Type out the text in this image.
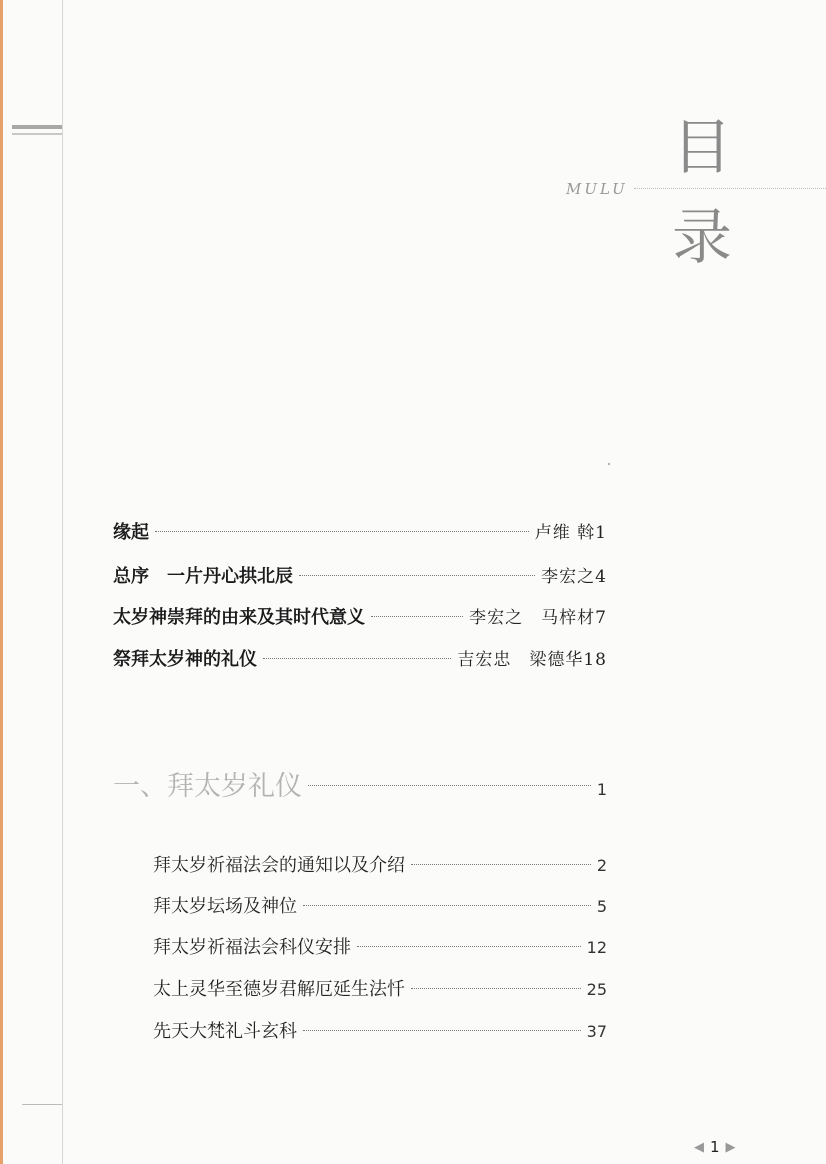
MULU
目
录
缘起	卢维 斡1
总序　一片丹心拱北辰	李宏之4
太岁神崇拜的由来及其时代意义	李宏之　马梓材7
祭拜太岁神的礼仪	吉宏忠　梁德华18
一、拜太岁礼仪	1
拜太岁祈福法会的通知以及介绍	2
拜太岁坛场及神位	5
拜太岁祈福法会科仪安排	12
太上灵华至德岁君解厄延生法忏	25
先天大梵礼斗玄科	37
◀ 1 ▶
